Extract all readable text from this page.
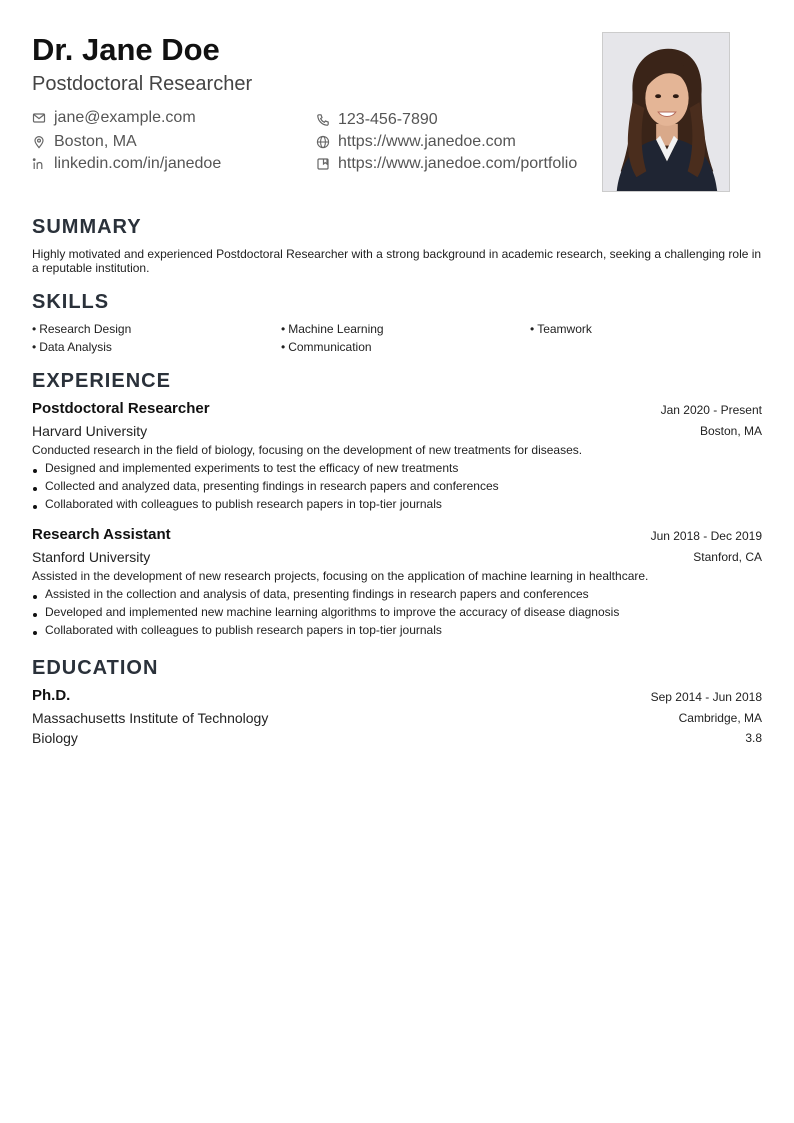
Dr. Jane Doe
Postdoctoral Researcher
jane@example.com	123-456-7890
Boston, MA	https://www.janedoe.com
linkedin.com/in/janedoe	https://www.janedoe.com/portfolio
SUMMARY
Highly motivated and experienced Postdoctoral Researcher with a strong background in academic research, seeking a challenging role in a reputable institution.
SKILLS
• Research Design	• Machine Learning	• Teamwork
• Data Analysis	• Communication
EXPERIENCE
Postdoctoral Researcher	Jan 2020 - Present
Harvard University	Boston, MA
Conducted research in the field of biology, focusing on the development of new treatments for diseases.
Designed and implemented experiments to test the efficacy of new treatments
Collected and analyzed data, presenting findings in research papers and conferences
Collaborated with colleagues to publish research papers in top-tier journals
Research Assistant	Jun 2018 - Dec 2019
Stanford University	Stanford, CA
Assisted in the development of new research projects, focusing on the application of machine learning in healthcare.
Assisted in the collection and analysis of data, presenting findings in research papers and conferences
Developed and implemented new machine learning algorithms to improve the accuracy of disease diagnosis
Collaborated with colleagues to publish research papers in top-tier journals
EDUCATION
Ph.D.	Sep 2014 - Jun 2018
Massachusetts Institute of Technology	Cambridge, MA
Biology	3.8
